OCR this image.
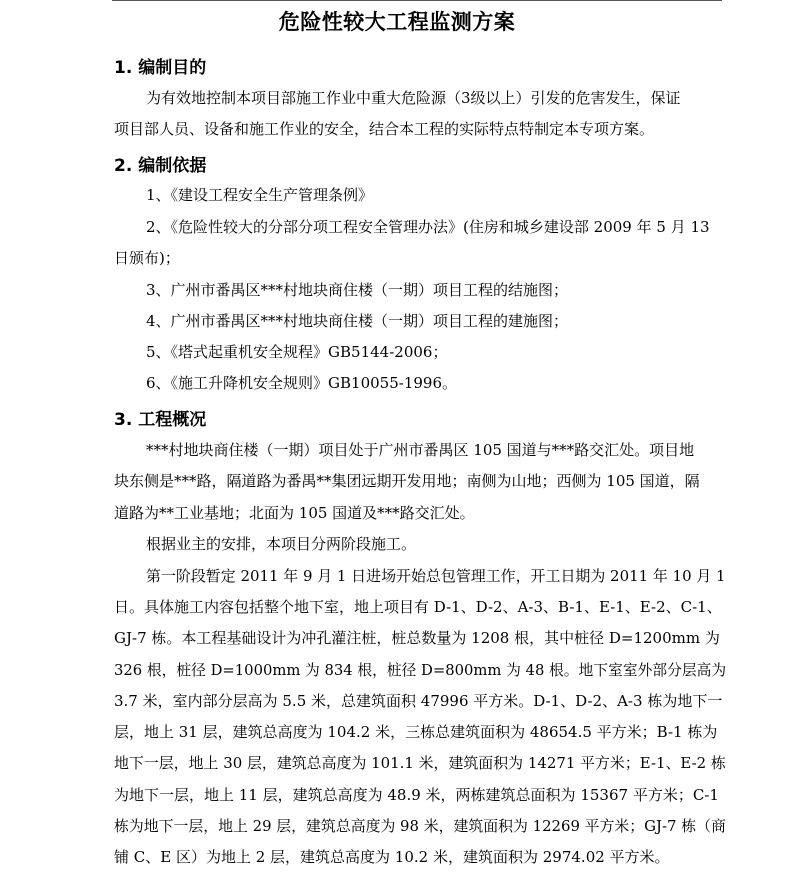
危险性较大工程监测方案
1. 编制目的
为有效地控制本项目部施工作业中重大危险源（3级以上）引发的危害发生，保证
项目部人员、设备和施工作业的安全，结合本工程的实际特点特制定本专项方案。
2. 编制依据
1、《建设工程安全生产管理条例》
2、《危险性较大的分部分项工程安全管理办法》(住房和城乡建设部 2009 年 5 月 13
日颁布)；
3、广州市番禺区***村地块商住楼（一期）项目工程的结施图；
4、广州市番禺区***村地块商住楼（一期）项目工程的建施图；
5、《塔式起重机安全规程》GB5144-2006；
6、《施工升降机安全规则》GB10055-1996。
3. 工程概况
***村地块商住楼（一期）项目处于广州市番禺区 105 国道与***路交汇处。项目地
块东侧是***路，隔道路为番禺**集团远期开发用地；南侧为山地；西侧为 105 国道，隔
道路为**工业基地；北面为 105 国道及***路交汇处。
根据业主的安排，本项目分两阶段施工。
第一阶段暂定 2011 年 9 月 1 日进场开始总包管理工作，开工日期为 2011 年 10 月 1
日。具体施工内容包括整个地下室，地上项目有 D-1、D-2、A-3、B-1、E-1、E-2、C-1、
GJ-7 栋。本工程基础设计为冲孔灌注桩，桩总数量为 1208 根，其中桩径 D=1200mm 为
326 根，桩径 D=1000mm 为 834 根，桩径 D=800mm 为 48 根。地下室室外部分层高为
3.7 米，室内部分层高为 5.5 米，总建筑面积 47996 平方米。D-1、D-2、A-3 栋为地下一
层，地上 31 层，建筑总高度为 104.2 米，三栋总建筑面积为 48654.5 平方米；B-1 栋为
地下一层，地上 30 层，建筑总高度为 101.1 米，建筑面积为 14271 平方米；E-1、E-2 栋
为地下一层，地上 11 层，建筑总高度为 48.9 米，两栋建筑总面积为 15367 平方米；C-1
栋为地下一层，地上 29 层，建筑总高度为 98 米，建筑面积为 12269 平方米；GJ-7 栋（商
铺 C、E 区）为地上 2 层，建筑总高度为 10.2 米，建筑面积为 2974.02 平方米。
